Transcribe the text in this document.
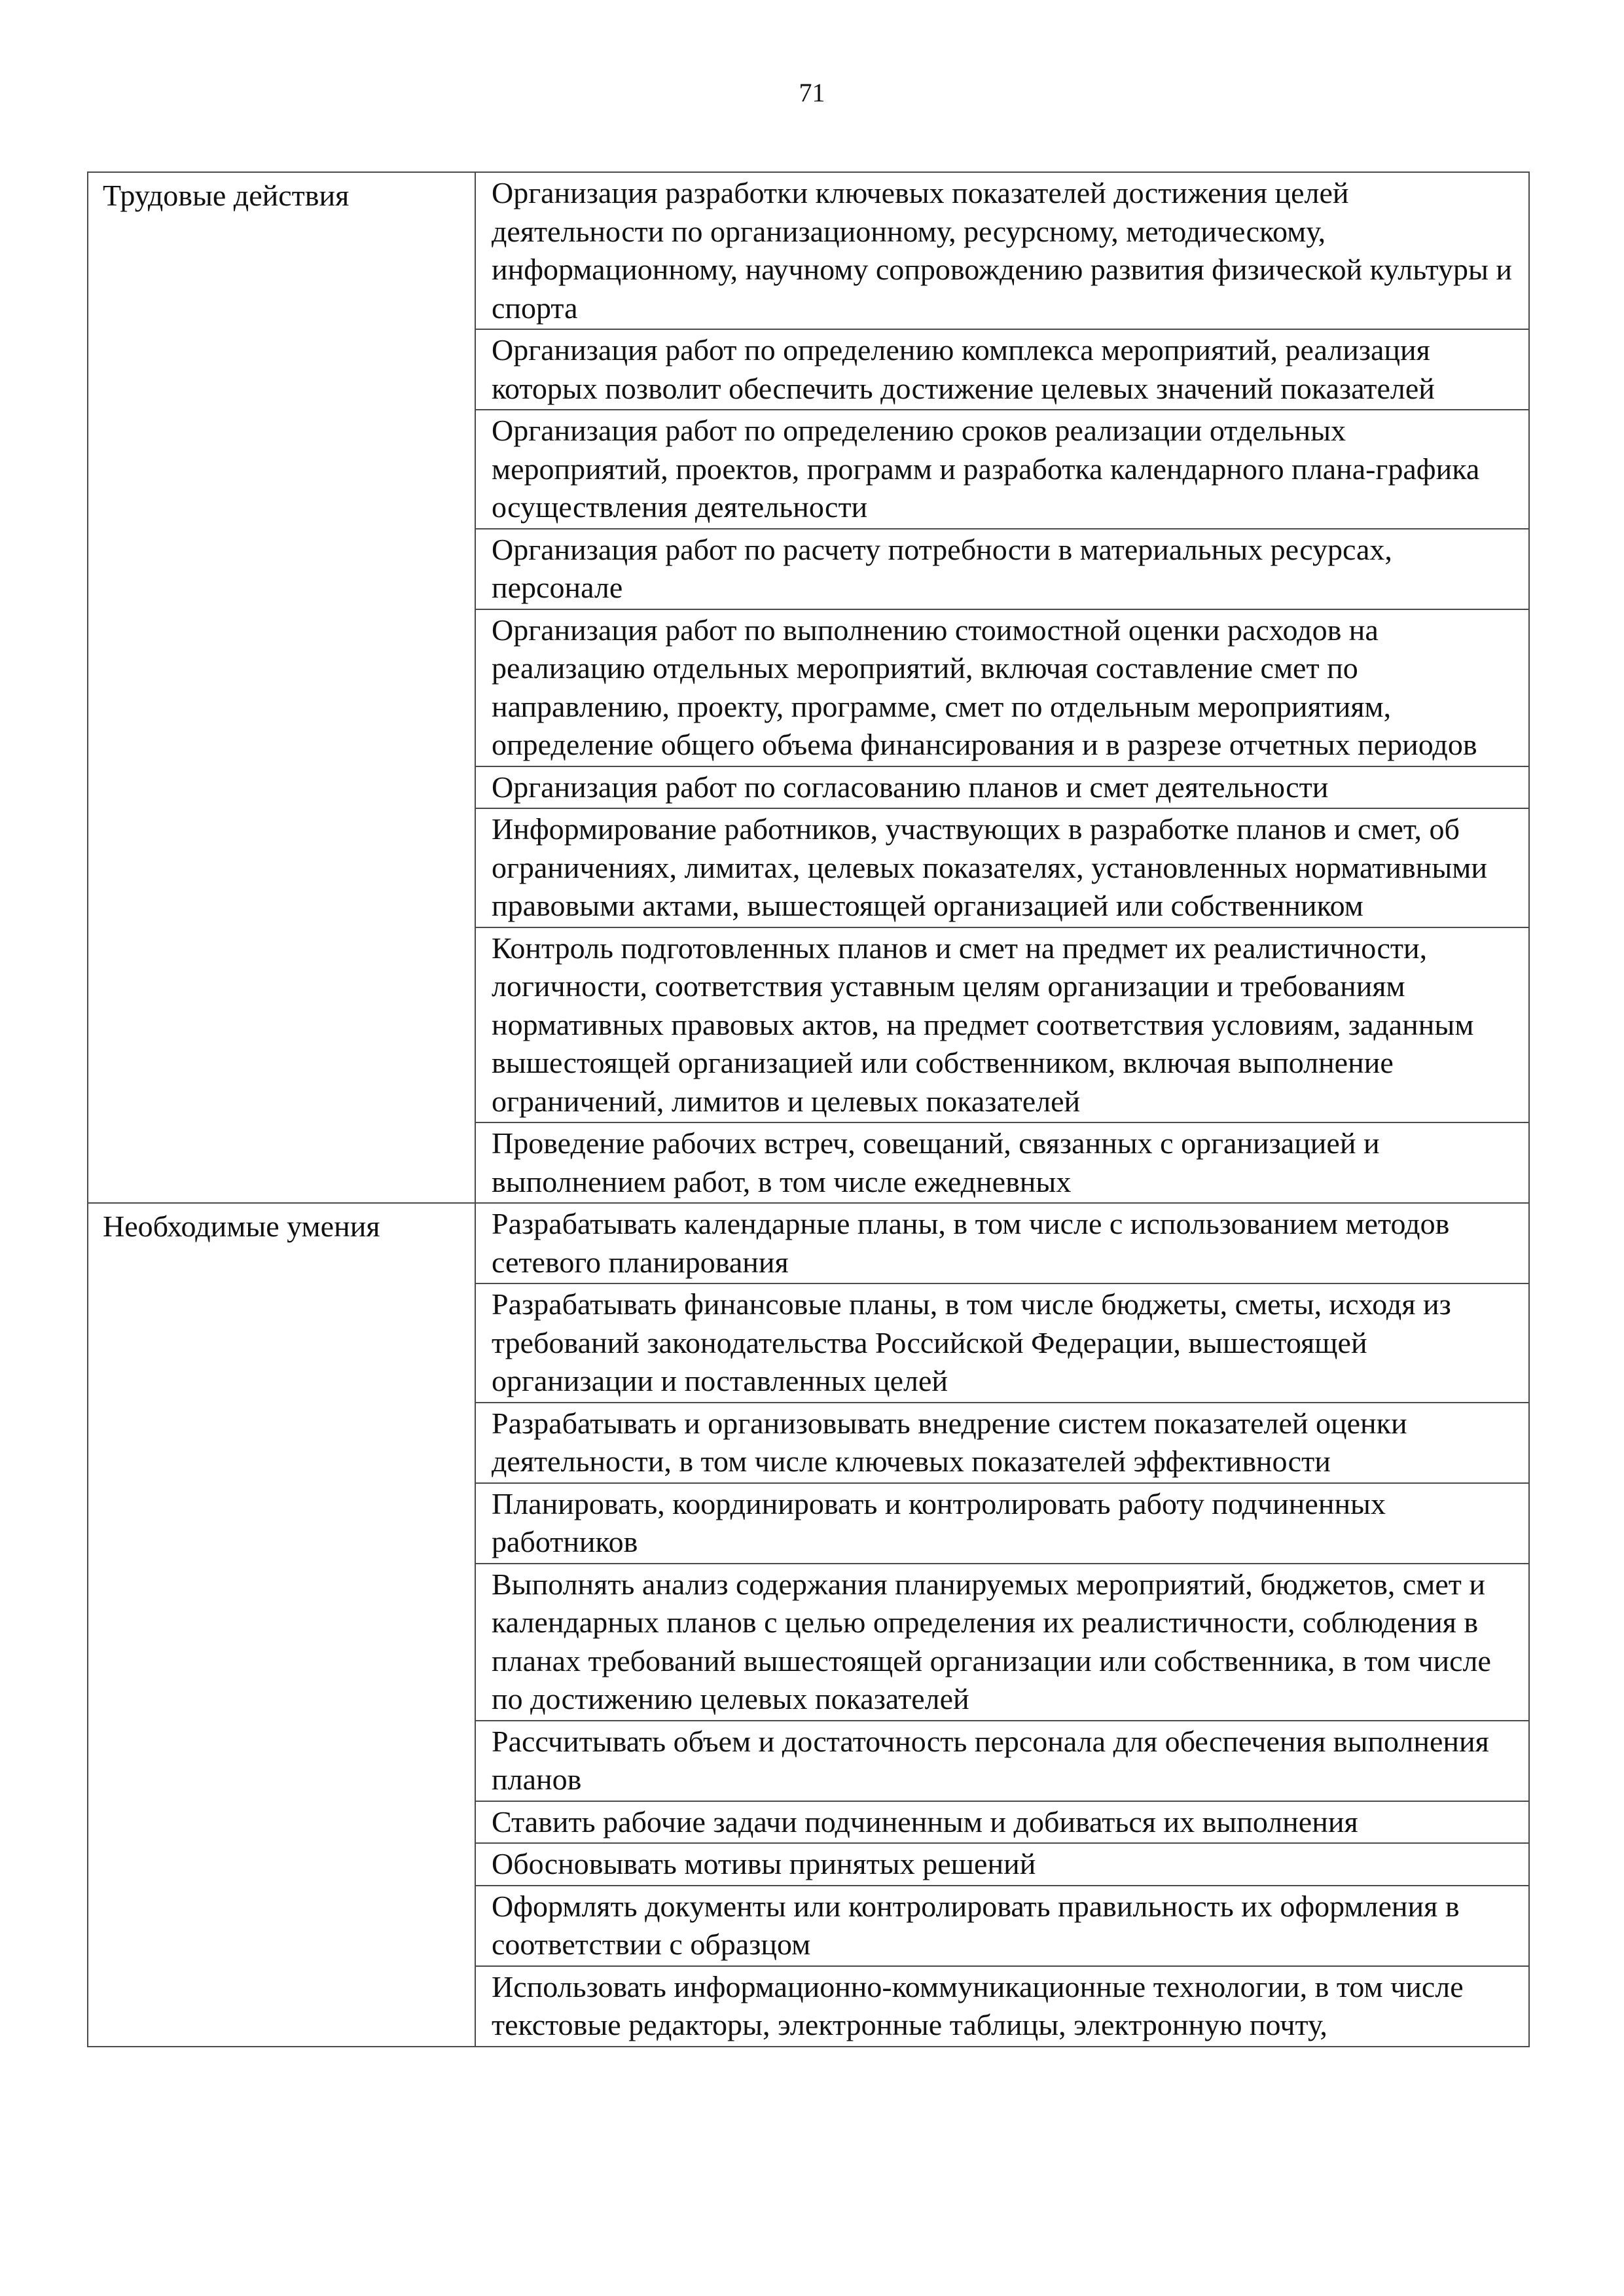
71
Трудовые действия	Организация разработки ключевых показателей достижения целей деятельности по организационному, ресурсному, методическому, информационному, научному сопровождению развития физической культуры и спорта
	Организация работ по определению комплекса мероприятий, реализация которых позволит обеспечить достижение целевых значений показателей
	Организация работ по определению сроков реализации отдельных мероприятий, проектов, программ и разработка календарного плана-графика осуществления деятельности
	Организация работ по расчету потребности в материальных ресурсах, персонале
	Организация работ по выполнению стоимостной оценки расходов на реализацию отдельных мероприятий, включая составление смет по направлению, проекту, программе, смет по отдельным мероприятиям, определение общего объема финансирования и в разрезе отчетных периодов
	Организация работ по согласованию планов и смет деятельности
	Информирование работников, участвующих в разработке планов и смет, об ограничениях, лимитах, целевых показателях, установленных нормативными правовыми актами, вышестоящей организацией или собственником
	Контроль подготовленных планов и смет на предмет их реалистичности, логичности, соответствия уставным целям организации и требованиям нормативных правовых актов, на предмет соответствия условиям, заданным вышестоящей организацией или собственником, включая выполнение ограничений, лимитов и целевых показателей
	Проведение рабочих встреч, совещаний, связанных с организацией и выполнением работ, в том числе ежедневных
Необходимые умения	Разрабатывать календарные планы, в том числе с использованием методов сетевого планирования
	Разрабатывать финансовые планы, в том числе бюджеты, сметы, исходя из требований законодательства Российской Федерации, вышестоящей организации и поставленных целей
	Разрабатывать и организовывать внедрение систем показателей оценки деятельности, в том числе ключевых показателей эффективности
	Планировать, координировать и контролировать работу подчиненных работников
	Выполнять анализ содержания планируемых мероприятий, бюджетов, смет и календарных планов с целью определения их реалистичности, соблюдения в планах требований вышестоящей организации или собственника, в том числе по достижению целевых показателей
	Рассчитывать объем и достаточность персонала для обеспечения выполнения планов
	Ставить рабочие задачи подчиненным и добиваться их выполнения
	Обосновывать мотивы принятых решений
	Оформлять документы или контролировать правильность их оформления в соответствии с образцом
	Использовать информационно-коммуникационные технологии, в том числе текстовые редакторы, электронные таблицы, электронную почту,
